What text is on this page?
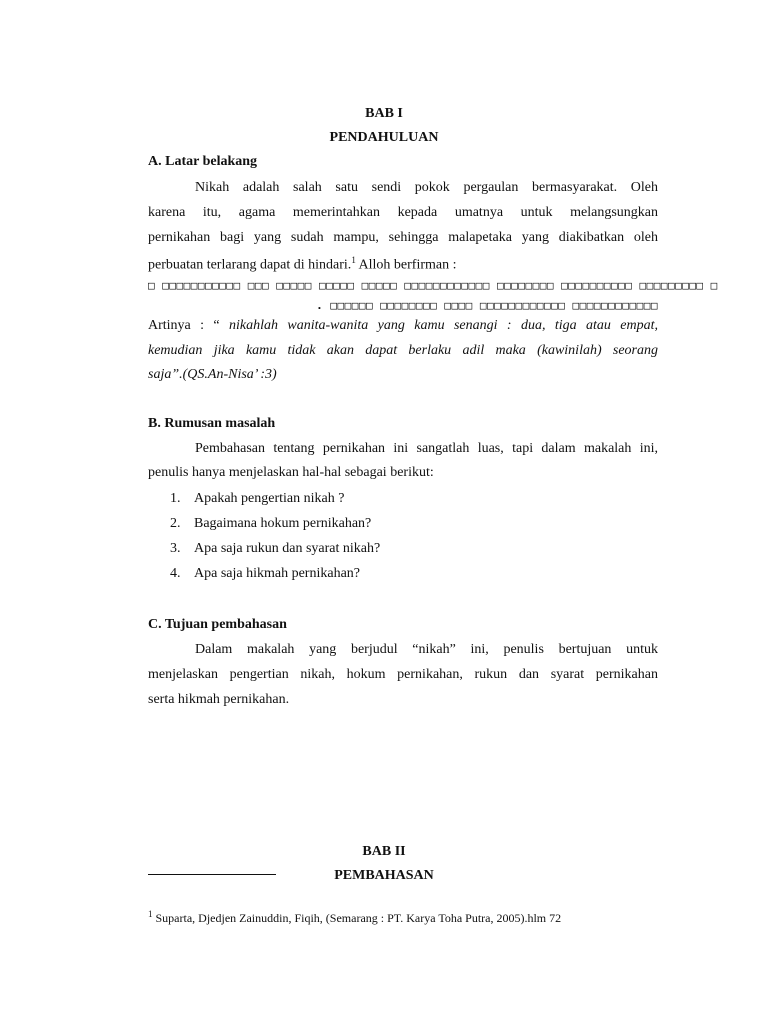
BAB I
PENDAHULUAN
A. Latar belakang
Nikah adalah salah satu sendi pokok pergaulan bermasyarakat. Oleh
karena itu, agama memerintahkan kepada umatnya untuk melangsungkan
pernikahan bagi yang sudah mampu, sehingga malapetaka yang diakibatkan oleh
perbuatan terlarang dapat di hindari.$^1$ Alloh berfirman :
□ □□□□□□□□□□□ □□□ □□□□□ □□□□□ □□□□□ □□□□□□□□□□□□ □□□□□□□□ □□□□□□□□□□ □□□□□□□□□ □
. □□□□□□ □□□□□□□□ □□□□ □□□□□□□□□□□□ □□□□□□□□□□□□
Artinya : “ nikahlah wanita-wanita yang kamu senangi : dua, tiga atau empat,
kemudian jika kamu tidak akan dapat berlaku adil maka (kawinilah) seorang
saja”.(QS.An-Nisa’ :3)
B. Rumusan masalah
Pembahasan tentang pernikahan ini sangatlah luas, tapi dalam makalah ini,
penulis hanya menjelaskan hal-hal sebagai berikut:
1. Apakah pengertian nikah ?
2. Bagaimana hokum pernikahan?
3. Apa saja rukun dan syarat nikah?
4. Apa saja hikmah pernikahan?
C. Tujuan pembahasan
Dalam makalah yang berjudul “nikah” ini, penulis bertujuan untuk
menjelaskan pengertian nikah, hokum pernikahan, rukun dan syarat pernikahan
serta hikmah pernikahan.
BAB II
PEMBAHASAN
$^1$ Suparta, Djedjen Zainuddin, Fiqih, (Semarang : PT. Karya Toha Putra, 2005).hlm 72
